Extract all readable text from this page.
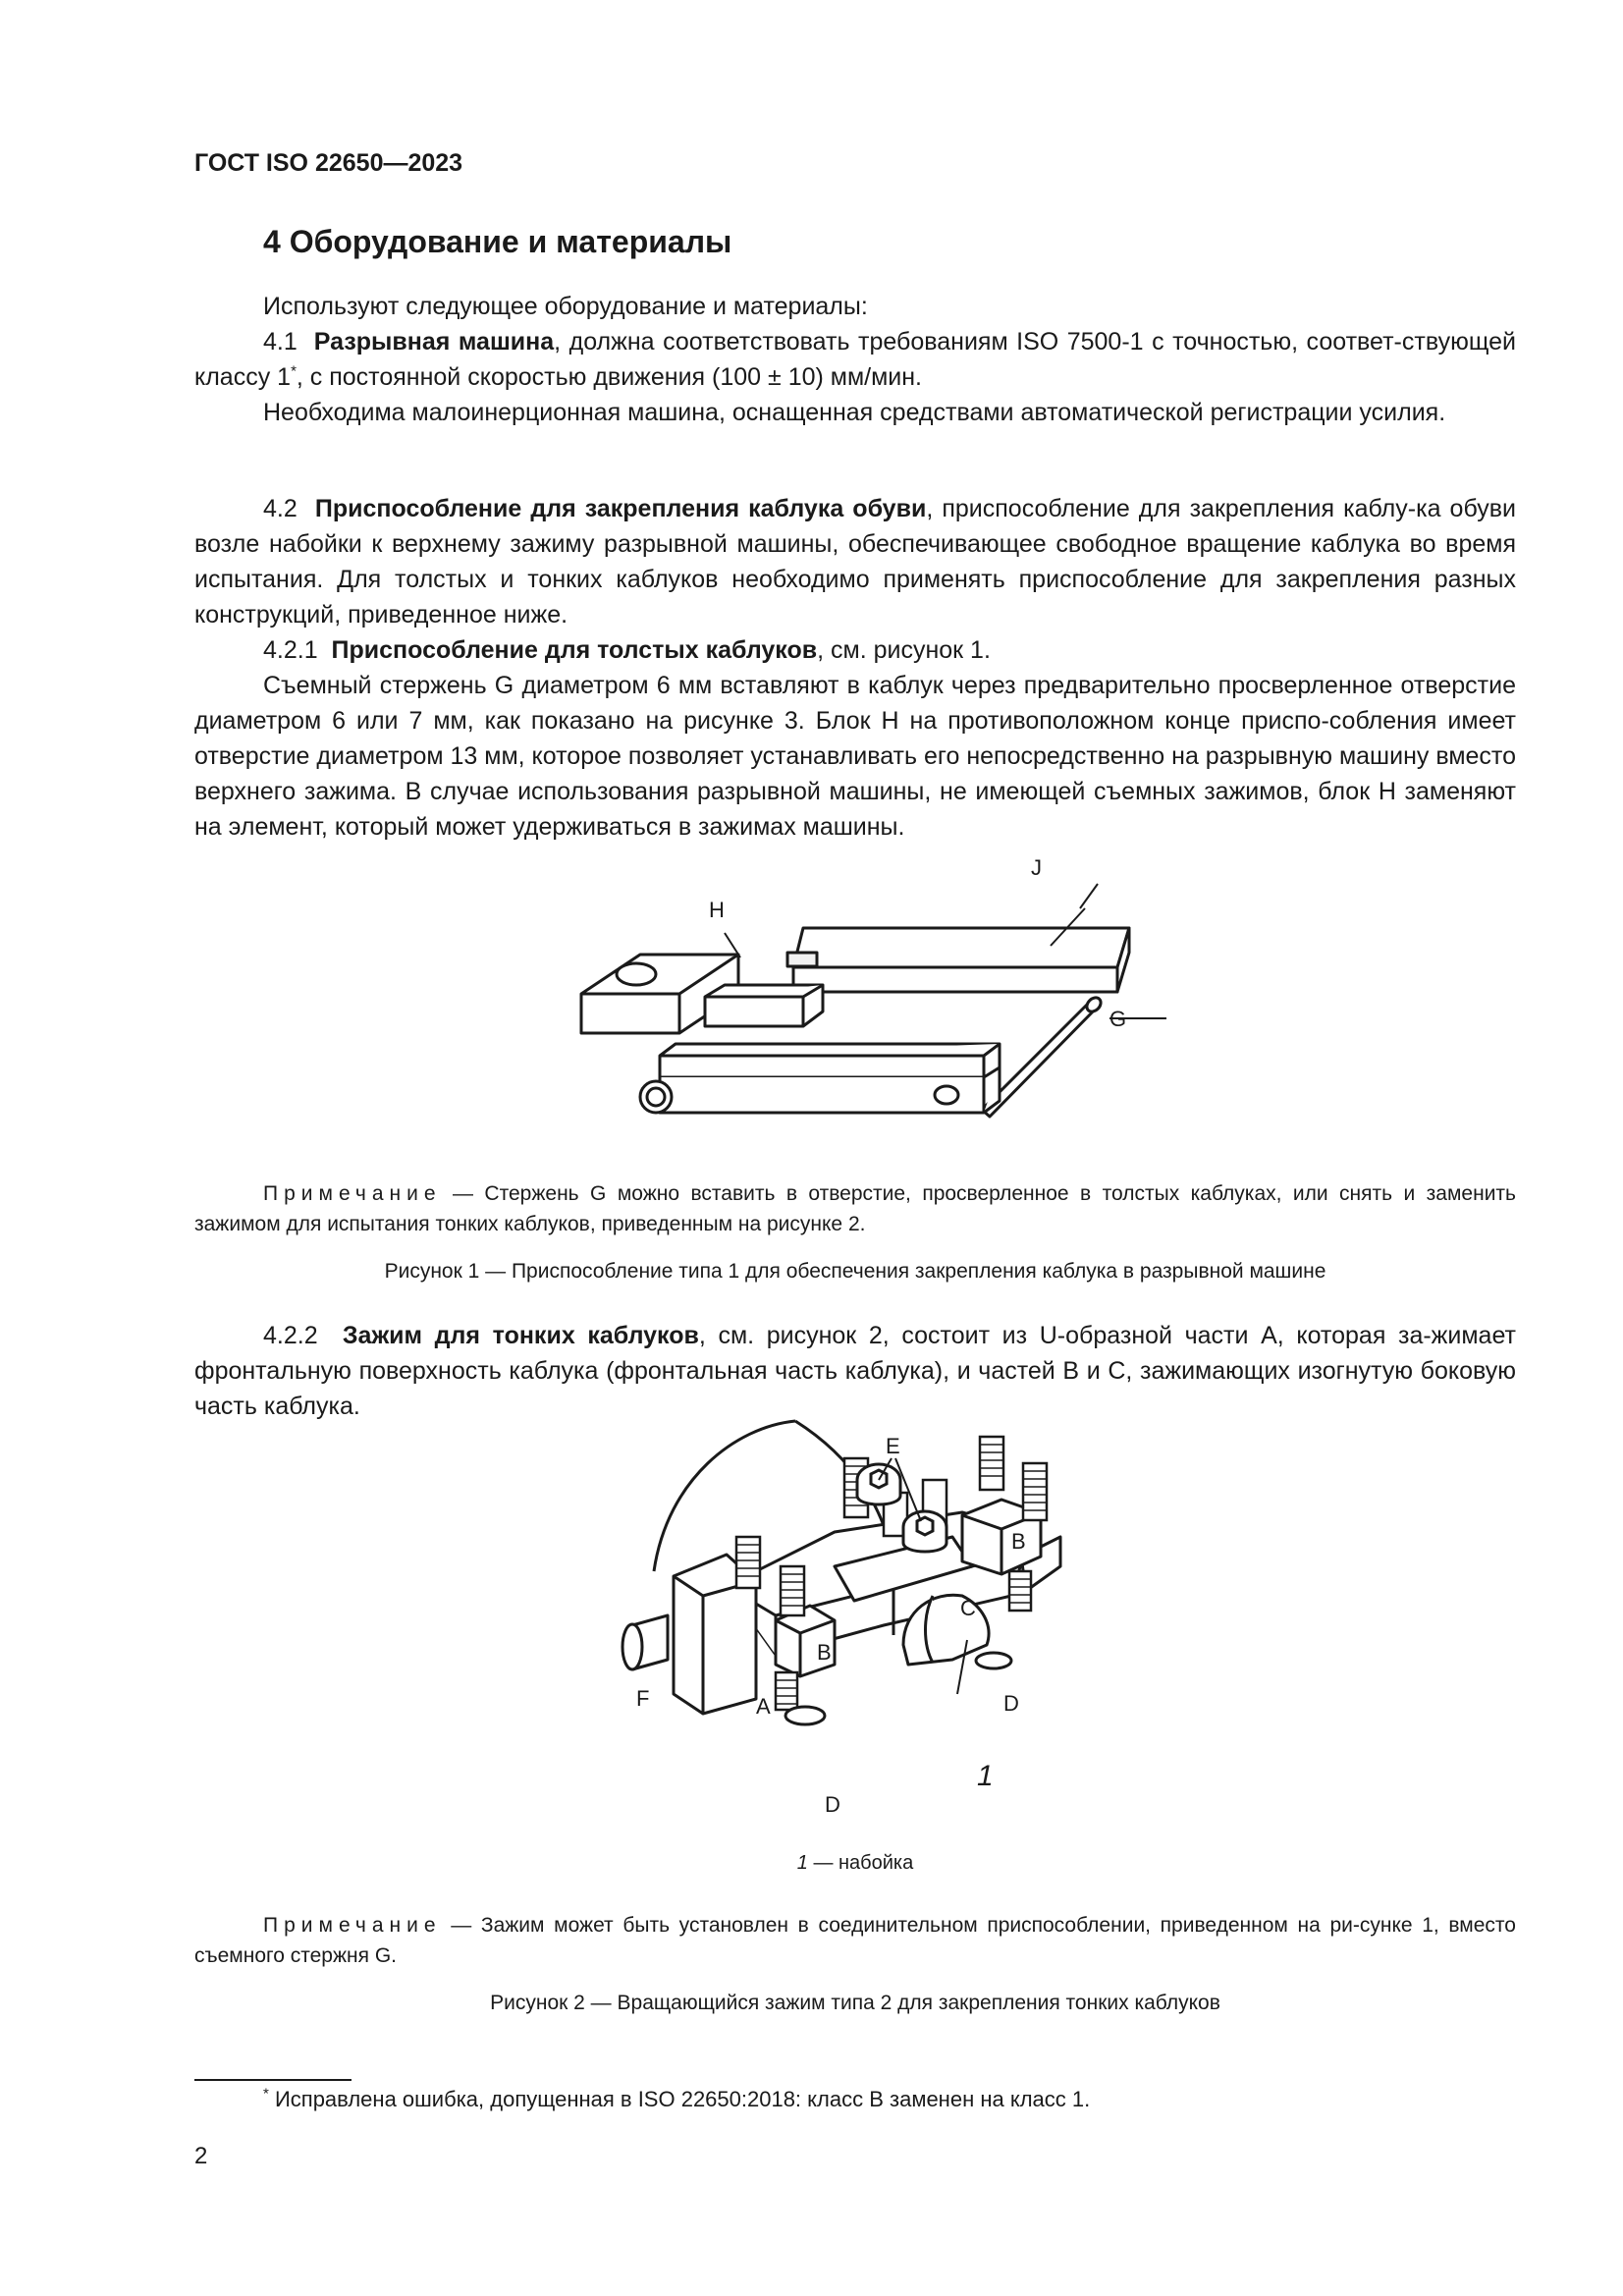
ГОСТ ISO 22650—2023
4 Оборудование и материалы
Используют следующее оборудование и материалы:
4.1 Разрывная машина, должна соответствовать требованиям ISO 7500-1 с точностью, соответ-ствующей классу 1*, с постоянной скоростью движения (100 ± 10) мм/мин.
Необходима малоинерционная машина, оснащенная средствами автоматической регистрации усилия.
4.2 Приспособление для закрепления каблука обуви, приспособление для закрепления каблу-ка обуви возле набойки к верхнему зажиму разрывной машины, обеспечивающее свободное вращение каблука во время испытания. Для толстых и тонких каблуков необходимо применять приспособление для закрепления разных конструкций, приведенное ниже.
4.2.1 Приспособление для толстых каблуков, см. рисунок 1.
Съемный стержень G диаметром 6 мм вставляют в каблук через предварительно просверленное отверстие диаметром 6 или 7 мм, как показано на рисунке 3. Блок H на противоположном конце приспо-собления имеет отверстие диаметром 13 мм, которое позволяет устанавливать его непосредственно на разрывную машину вместо верхнего зажима. В случае использования разрывной машины, не имеющей съемных зажимов, блок H заменяют на элемент, который может удерживаться в зажимах машины.
H
J
G
Примечание — Стержень G можно вставить в отверстие, просверленное в толстых каблуках, или снять и заменить зажимом для испытания тонких каблуков, приведенным на рисунке 2.
Рисунок 1 — Приспособление типа 1 для обеспечения закрепления каблука в разрывной машине
4.2.2 Зажим для тонких каблуков, см. рисунок 2, состоит из U-образной части A, которая за-жимает фронтальную поверхность каблука (фронтальная часть каблука), и частей B и C, зажимающих изогнутую боковую часть каблука.
E
B
C
B
A
F	D
D
1
1 — набойка
Примечание — Зажим может быть установлен в соединительном приспособлении, приведенном на ри-сунке 1, вместо съемного стержня G.
Рисунок 2 — Вращающийся зажим типа 2 для закрепления тонких каблуков
* Исправлена ошибка, допущенная в ISO 22650:2018: класс B заменен на класс 1.
2
